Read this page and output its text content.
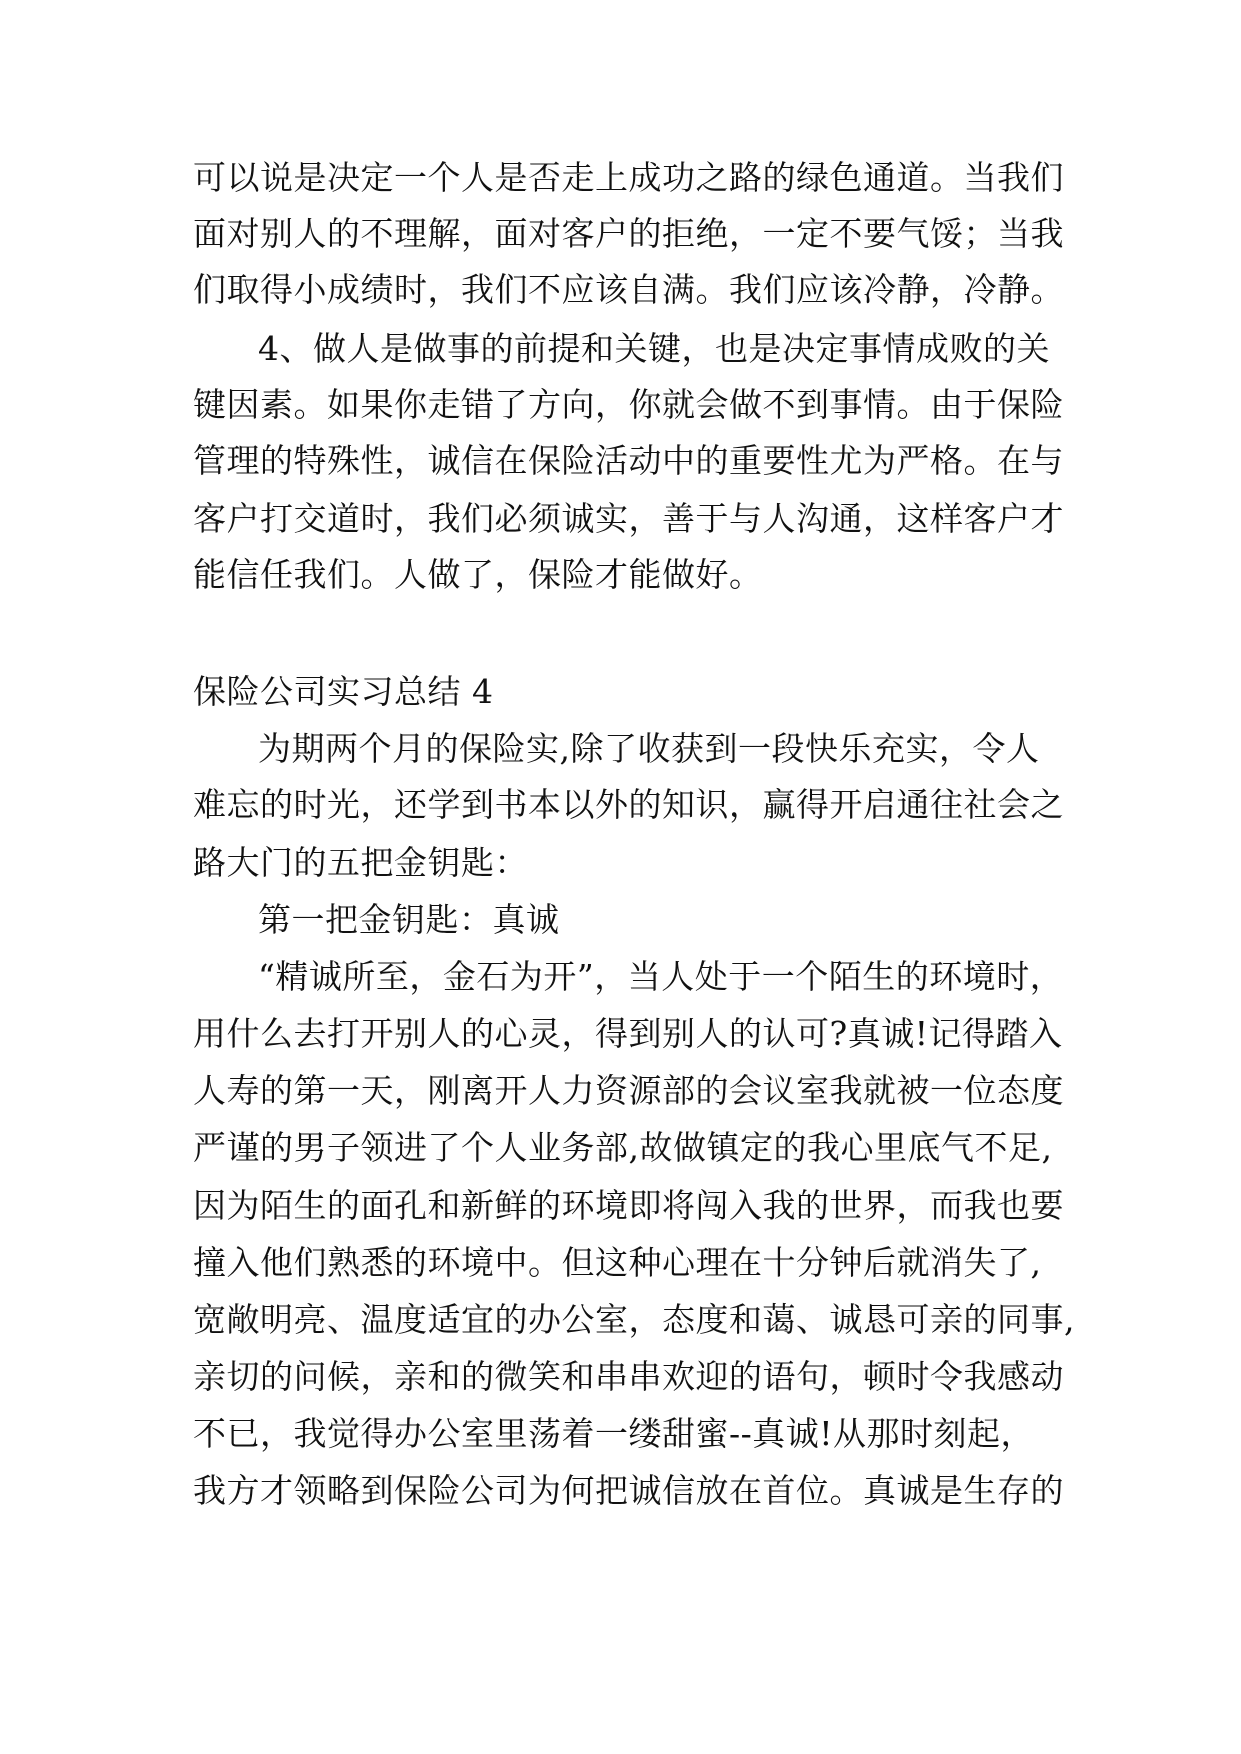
可以说是决定一个人是否走上成功之路的绿色通道。当我们
面对别人的不理解，面对客户的拒绝，一定不要气馁；当我
们取得小成绩时，我们不应该自满。我们应该冷静，冷静。
4、做人是做事的前提和关键，也是决定事情成败的关
键因素。如果你走错了方向，你就会做不到事情。由于保险
管理的特殊性，诚信在保险活动中的重要性尤为严格。在与
客户打交道时，我们必须诚实，善于与人沟通，这样客户才
能信任我们。人做了，保险才能做好。
保险公司实习总结 4
为期两个月的保险实,除了收获到一段快乐充实，令人
难忘的时光，还学到书本以外的知识，赢得开启通往社会之
路大门的五把金钥匙：
第一把金钥匙：真诚
“精诚所至，金石为开”，当人处于一个陌生的环境时，
用什么去打开别人的心灵，得到别人的认可?真诚!记得踏入
人寿的第一天，刚离开人力资源部的会议室我就被一位态度
严谨的男子领进了个人业务部,故做镇定的我心里底气不足,
因为陌生的面孔和新鲜的环境即将闯入我的世界，而我也要
撞入他们熟悉的环境中。但这种心理在十分钟后就消失了,
宽敞明亮、温度适宜的办公室，态度和蔼、诚恳可亲的同事,
亲切的问候，亲和的微笑和串串欢迎的语句，顿时令我感动
不已，我觉得办公室里荡着一缕甜蜜--真诚!从那时刻起，
我方才领略到保险公司为何把诚信放在首位。真诚是生存的
